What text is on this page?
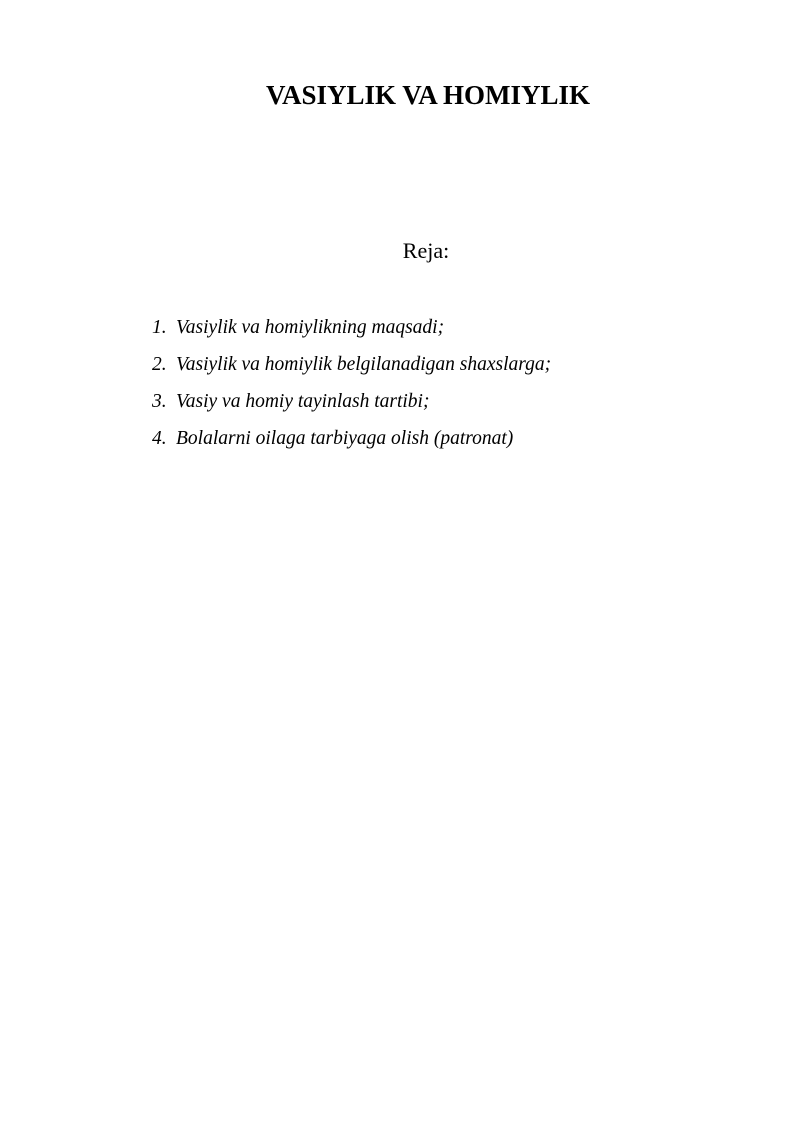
VASIYLIK VA HOMIYLIK

Reja:

1. Vasiylik va homiylikning maqsadi;
2. Vasiylik va homiylik belgilanadigan shaxslarga;
3. Vasiy va homiy tayinlash tartibi;
4. Bolalarni oilaga tarbiyaga olish (patronat)
